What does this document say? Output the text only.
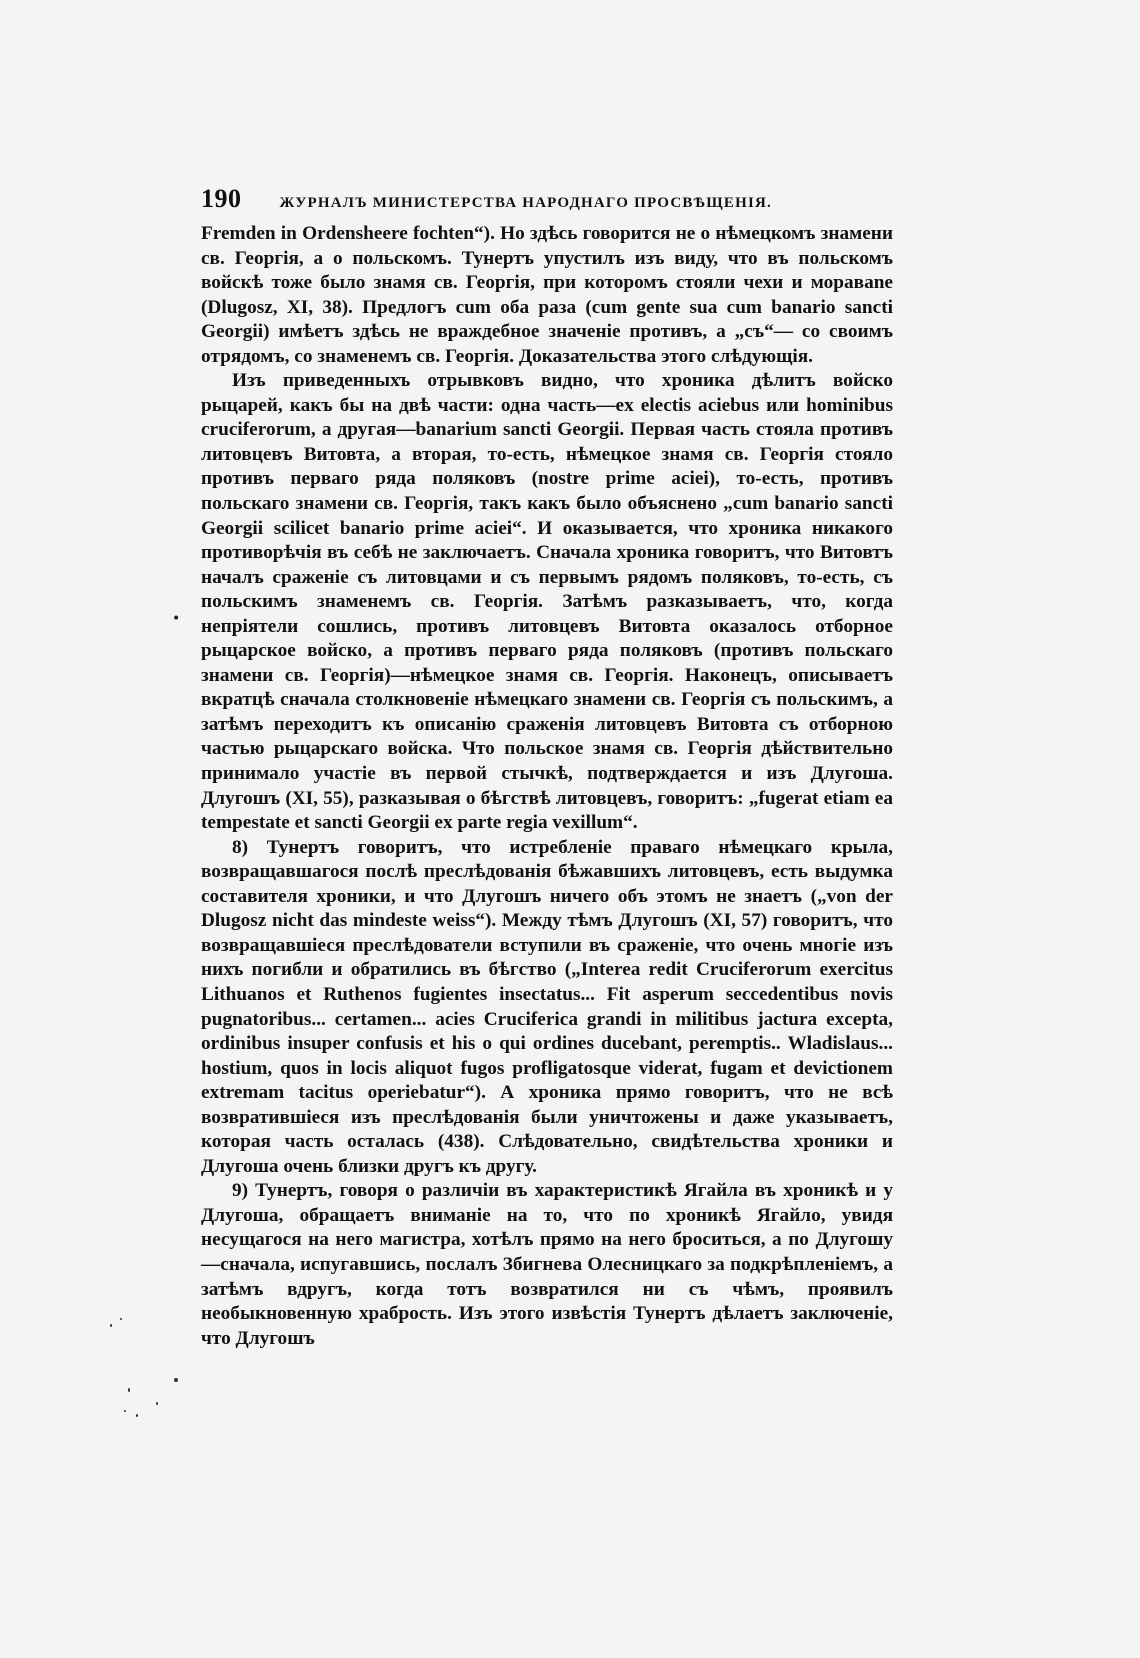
190	ЖУРНАЛЪ МИНИСТЕРСТВА НАРОДНАГО ПРОСВѢЩЕНІЯ.

Fremden in Ordensheere fochten“). Но здѣсь говорится не о нѣмецкомъ знамени св. Георгія, а о польскомъ. Тунертъ упустилъ изъ виду, что въ польскомъ войскѣ тоже было знамя св. Георгія, при которомъ стояли чехи и моравane (Dlugosz, XI, 38). Предлогъ cum оба раза (cum gente sua cum banario sancti Georgii) имѣетъ здѣсь не враждебное значеніе противъ, а „съ“— со своимъ отрядомъ, со знаменемъ св. Георгія. Доказательства этого слѣдующія.

Изъ приведенныхъ отрывковъ видно, что хроника дѣлитъ войско рыцарей, какъ бы на двѣ части: одна часть—ex electis aciebus или hominibus cruciferorum, а другая—banarium sancti Georgii. Первая часть стояла противъ литовцевъ Витовта, а вторая, то-есть, нѣмецкое знамя св. Георгія стояло противъ перваго ряда поляковъ (nostre prime aciei), то-есть, противъ польскаго знамени св. Георгія, такъ какъ было объяснено „cum banario sancti Georgii scilicet banario prime aciei“. И оказывается, что хроника никакого противорѣчія въ себѣ не заключаетъ. Сначала хроника говоритъ, что Витовтъ началъ сраженіе съ литовцами и съ первымъ рядомъ поляковъ, то-есть, съ польскимъ знаменемъ св. Георгія. Затѣмъ разказываетъ, что, когда непріятели сошлись, противъ литовцевъ Витовта оказалось отборное рыцарское войско, а противъ перваго ряда поляковъ (противъ польскаго знамени св. Георгія)—нѣмецкое знамя св. Георгія. Наконецъ, описываетъ вкратцѣ сначала столкновеніе нѣмецкаго знамени св. Георгія съ польскимъ, а затѣмъ переходитъ къ описанію сраженія литовцевъ Витовта съ отборною частью рыцарскаго войска. Что польское знамя св. Георгія дѣйствительно принимало участіе въ первой стычкѣ, подтверждается и изъ Длугоша. Длугошъ (XI, 55), разказывая о бѣгствѣ литовцевъ, говоритъ: „fugerat etiam ea tempestate et sancti Georgii ex parte regia vexillum“.

8) Тунертъ говоритъ, что истребленіе праваго нѣмецкаго крыла, возвращавшагося послѣ преслѣдованія бѣжавшихъ литовцевъ, есть выдумка составителя хроники, и что Длугошъ ничего объ этомъ не знаетъ („von der Dlugosz nicht das mindeste weiss“). Между тѣмъ Длугошъ (XI, 57) говоритъ, что возвращавшіеся преслѣдователи вступили въ сраженіе, что очень многіе изъ нихъ погибли и обратились въ бѣгство („Interea redit Cruciferorum exercitus Lithuanos et Ruthenos fugientes insectatus... Fit asperum seccedentibus novis pugnatoribus... certamen... acies Cruciferica grandi in militibus jactura excepta, ordinibus insuper confusis et his o qui ordines ducebant, peremptis.. Wladislaus... hostium, quos in locis aliquot fugos profligatosque viderat, fugam et devictionem extremam tacitus operiebatur“). А хроника прямо говоритъ, что не всѣ возвратившіеся изъ преслѣдованія были уничтожены и даже указываетъ, которая часть осталась (438). Слѣдовательно, свидѣтельства хроники и Длугоша очень близки другъ къ другу.

9) Тунертъ, говоря о различіи въ характеристикѣ Ягайла въ хроникѣ и у Длугоша, обращаетъ вниманіе на то, что по хроникѣ Ягайло, увидя несущагося на него магистра, хотѣлъ прямо на него броситься, а по Длугошу—сначала, испугавшись, послалъ Збигнева Олесницкаго за подкрѣпленіемъ, а затѣмъ вдругъ, когда тотъ возвратился ни съ чѣмъ, проявилъ необыкновенную храбрость. Изъ этого извѣстія Тунертъ дѣлаетъ заключеніе, что Длугошъ

•
